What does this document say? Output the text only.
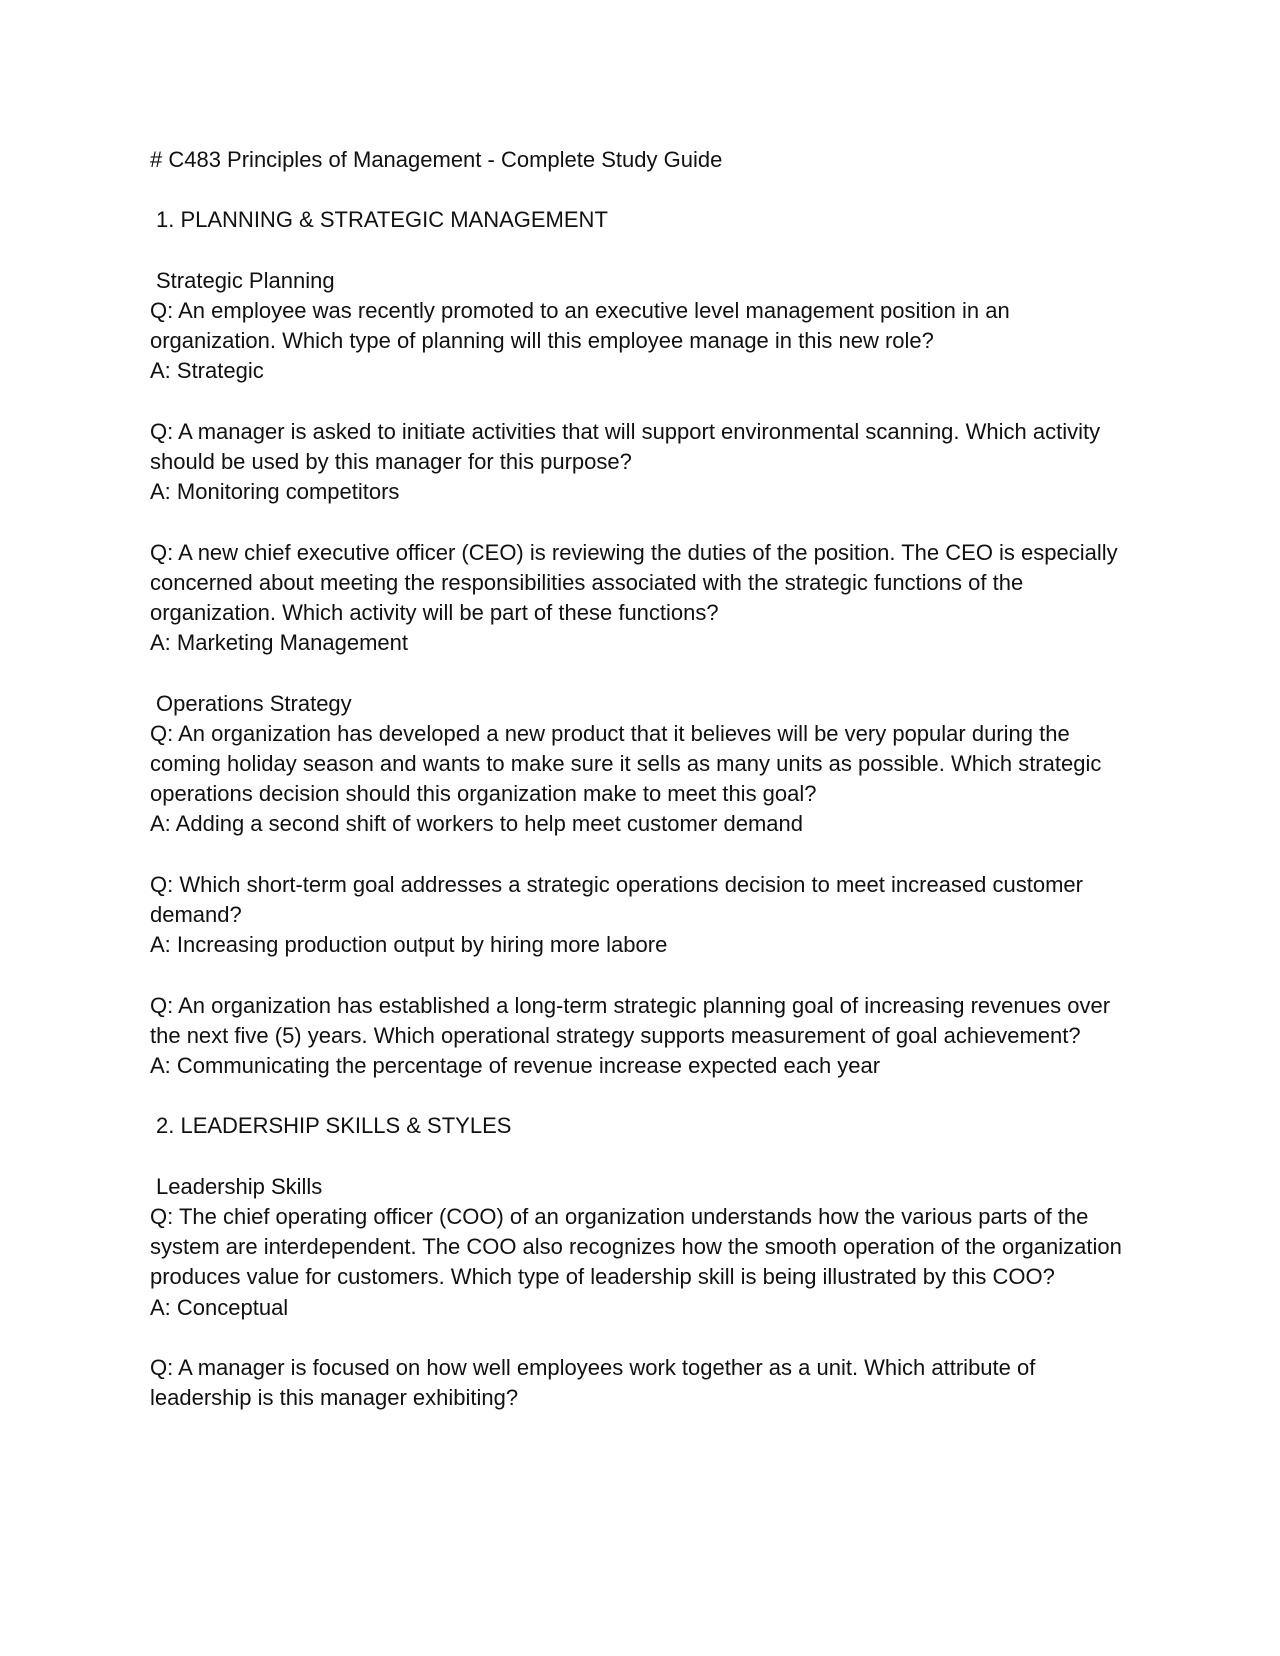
# C483 Principles of Management - Complete Study Guide

1. PLANNING & STRATEGIC MANAGEMENT

Strategic Planning

Q: An employee was recently promoted to an executive level management position in an organization. Which type of planning will this employee manage in this new role?

A: Strategic

Q: A manager is asked to initiate activities that will support environmental scanning. Which activity should be used by this manager for this purpose?

A: Monitoring competitors

Q: A new chief executive officer (CEO) is reviewing the duties of the position. The CEO is especially concerned about meeting the responsibilities associated with the strategic functions of the organization. Which activity will be part of these functions?

A: Marketing Management

Operations Strategy

Q: An organization has developed a new product that it believes will be very popular during the coming holiday season and wants to make sure it sells as many units as possible. Which strategic operations decision should this organization make to meet this goal?

A: Adding a second shift of workers to help meet customer demand

Q: Which short-term goal addresses a strategic operations decision to meet increased customer demand?

A: Increasing production output by hiring more labore

Q: An organization has established a long-term strategic planning goal of increasing revenues over the next five (5) years. Which operational strategy supports measurement of goal achievement?

A: Communicating the percentage of revenue increase expected each year

2. LEADERSHIP SKILLS & STYLES

Leadership Skills

Q: The chief operating officer (COO) of an organization understands how the various parts of the system are interdependent. The COO also recognizes how the smooth operation of the organization produces value for customers. Which type of leadership skill is being illustrated by this COO?

A: Conceptual

Q: A manager is focused on how well employees work together as a unit. Which attribute of leadership is this manager exhibiting?
